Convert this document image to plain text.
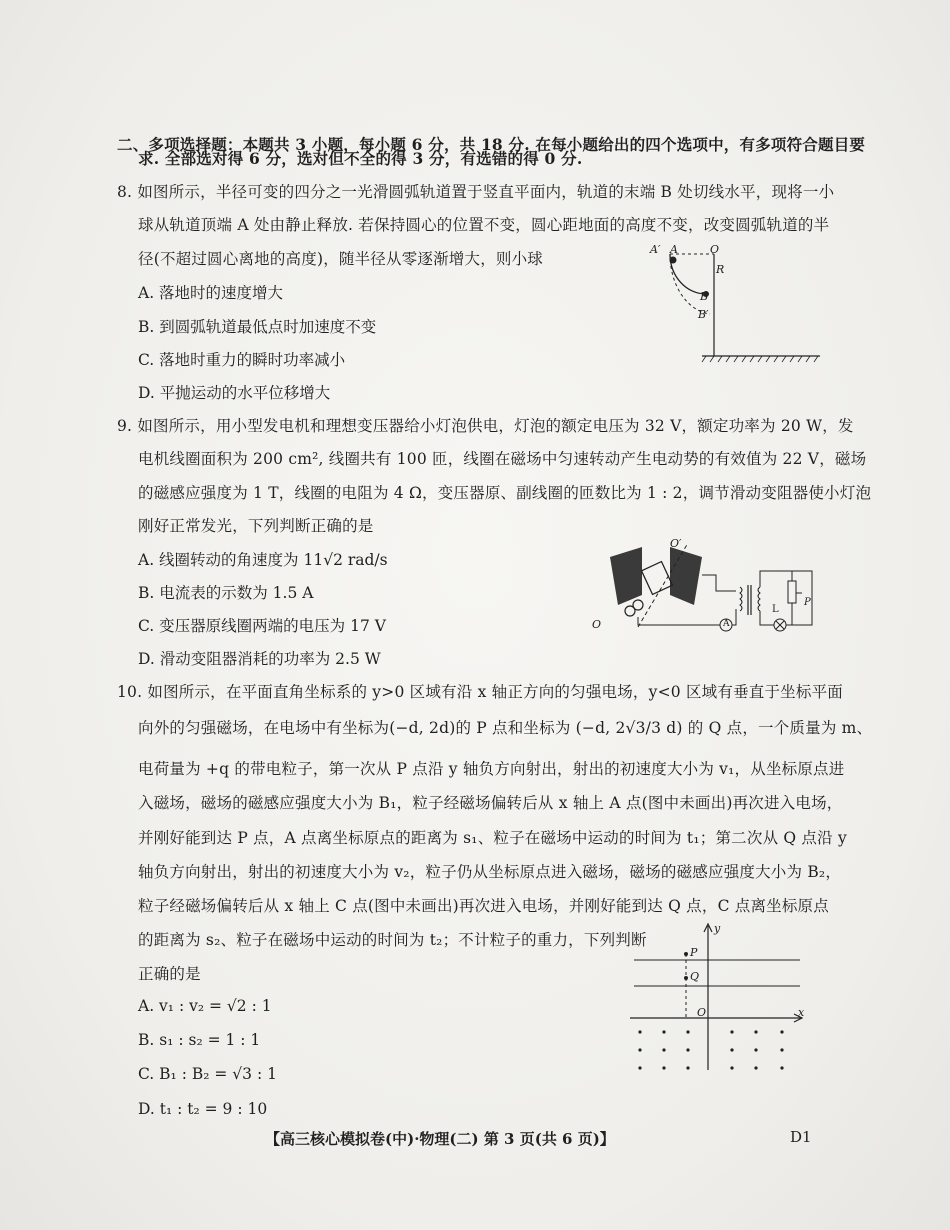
二、多项选择题：本题共 3 小题，每小题 6 分，共 18 分. 在每小题给出的四个选项中，有多项符合题目要
求. 全部选对得 6 分，选对但不全的得 3 分，有选错的得 0 分.
8. 如图所示，半径可变的四分之一光滑圆弧轨道置于竖直平面内，轨道的末端 B 处切线水平，现将一小
球从轨道顶端 A 处由静止释放. 若保持圆心的位置不变，圆心距地面的高度不变，改变圆弧轨道的半
径(不超过圆心离地的高度)，随半径从零逐渐增大，则小球
A. 落地时的速度增大
B. 到圆弧轨道最低点时加速度不变
C. 落地时重力的瞬时功率减小
D. 平抛运动的水平位移增大
A′ A	O
R
B
B′
9. 如图所示，用小型发电机和理想变压器给小灯泡供电，灯泡的额定电压为 32 V，额定功率为 20 W，发
电机线圈面积为 200 cm², 线圈共有 100 匝，线圈在磁场中匀速转动产生电动势的有效值为 22 V，磁场
的磁感应强度为 1 T，线圈的电阻为 4 Ω，变压器原、副线圈的匝数比为 1 : 2，调节滑动变阻器使小灯泡
刚好正常发光，下列判断正确的是
A. 线圈转动的角速度为 11√2 rad/s
B. 电流表的示数为 1.5 A
C. 变压器原线圈两端的电压为 17 V
D. 滑动变阻器消耗的功率为 2.5 W
O′
O	A
L
P
10. 如图所示，在平面直角坐标系的 y>0 区域有沿 x 轴正方向的匀强电场，y<0 区域有垂直于坐标平面
向外的匀强磁场，在电场中有坐标为(−d, 2d)的 P 点和坐标为 (−d, 2√3/3 d) 的 Q 点，一个质量为 m、
电荷量为 +q 的带电粒子，第一次从 P 点沿 y 轴负方向射出，射出的初速度大小为 v₁，从坐标原点进
入磁场，磁场的磁感应强度大小为 B₁，粒子经磁场偏转后从 x 轴上 A 点(图中未画出)再次进入电场，
并刚好能到达 P 点，A 点离坐标原点的距离为 s₁、粒子在磁场中运动的时间为 t₁；第二次从 Q 点沿 y
轴负方向射出，射出的初速度大小为 v₂，粒子仍从坐标原点进入磁场，磁场的磁感应强度大小为 B₂，
粒子经磁场偏转后从 x 轴上 C 点(图中未画出)再次进入电场，并刚好能到达 Q 点，C 点离坐标原点
的距离为 s₂、粒子在磁场中运动的时间为 t₂；不计粒子的重力，下列判断
正确的是
A. v₁ : v₂ = √2 : 1
B. s₁ : s₂ = 1 : 1
C. B₁ : B₂ = √3 : 1
D. t₁ : t₂ = 9 : 10
y
P
Q
O	x
【高三核心模拟卷(中)·物理(二) 第 3 页(共 6 页)】	D1
